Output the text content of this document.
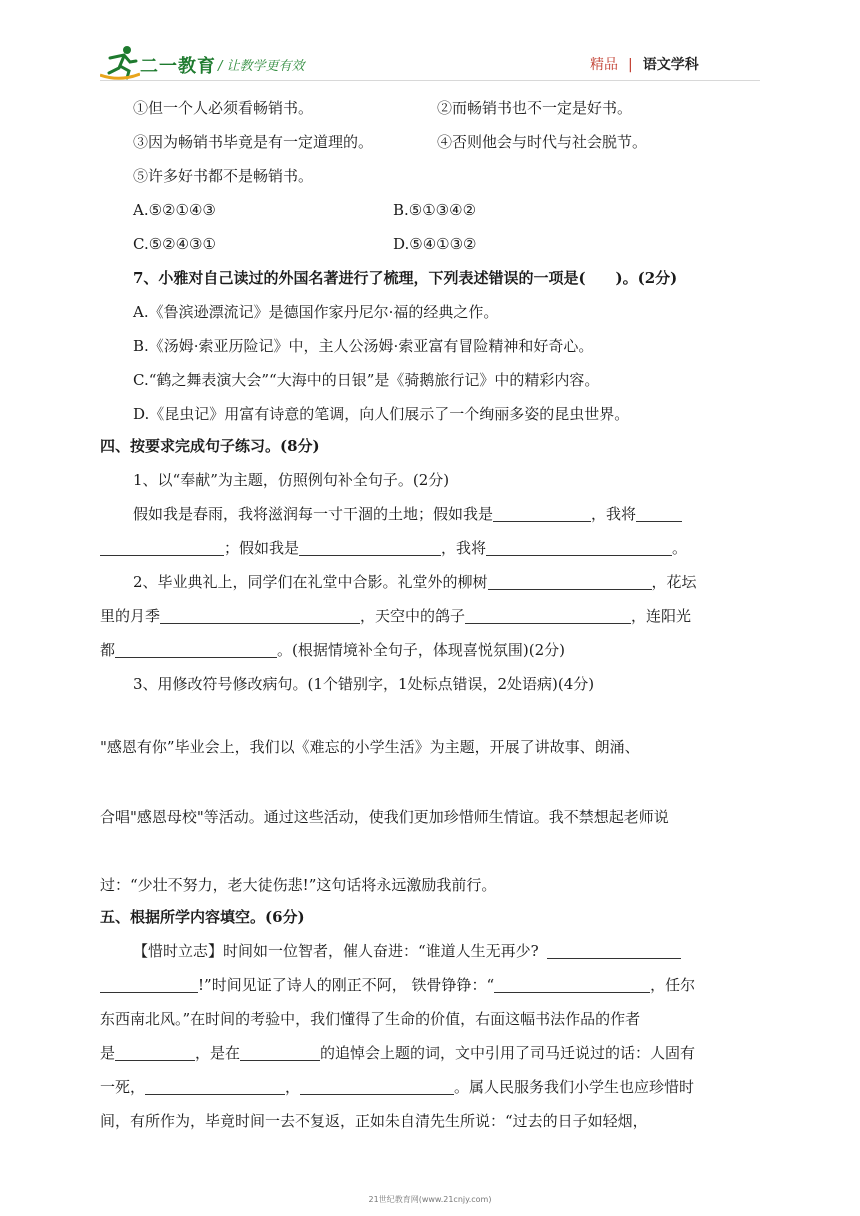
二一教育 / 让教学更有效	精品 | 语文学科
①但一个人必须看畅销书。	②而畅销书也不一定是好书。
③因为畅销书毕竟是有一定道理的。	④否则他会与时代与社会脱节。
⑤许多好书都不是畅销书。
A.⑤②①④③	B.⑤①③④②
C.⑤②④③①	D.⑤④①③②
7、小雅对自己读过的外国名著进行了梳理，下列表述错误的一项是(　　)。(2分)
A.《鲁滨逊漂流记》是德国作家丹尼尔·福的经典之作。
B.《汤姆·索亚历险记》中，主人公汤姆·索亚富有冒险精神和好奇心。
C.“鹤之舞表演大会”“大海中的日银”是《骑鹅旅行记》中的精彩内容。
D.《昆虫记》用富有诗意的笔调，向人们展示了一个绚丽多姿的昆虫世界。
四、按要求完成句子练习。(8分)
1、以“奉献”为主题，仿照例句补全句子。(2分)
假如我是春雨，我将滋润每一寸干涸的土地；假如我是	，我将
；假如我是	，我将	。
2、毕业典礼上，同学们在礼堂中合影。礼堂外的柳树	，花坛
里的月季	，天空中的鸽子	，连阳光
都	。(根据情境补全句子，体现喜悦氛围)(2分)
3、用修改符号修改病句。(1个错别字，1处标点错误，2处语病)(4分)
"感恩有你”毕业会上，我们以《难忘的小学生活》为主题，开展了讲故事、朗涌、
合唱"感恩母校"等活动。通过这些活动，使我们更加珍惜师生情谊。我不禁想起老师说
过：“少壮不努力，老大徒伤悲!”这句话将永远激励我前行。
五、根据所学内容填空。(6分)
【惜时立志】时间如一位智者，催人奋进：“谁道人生无再少?
!”时间见证了诗人的刚正不阿， 铁骨铮铮：“	，任尔
东西南北风。”在时间的考验中，我们懂得了生命的价值，右面这幅书法作品的作者
是	，是在	的追悼会上题的词，文中引用了司马迁说过的话：人固有
一死，	，	。属人民服务我们小学生也应珍惜时
间，有所作为，毕竟时间一去不复返，正如朱自清先生所说：“过去的日子如轻烟，
21世纪教育网(www.21cnjy.com)
